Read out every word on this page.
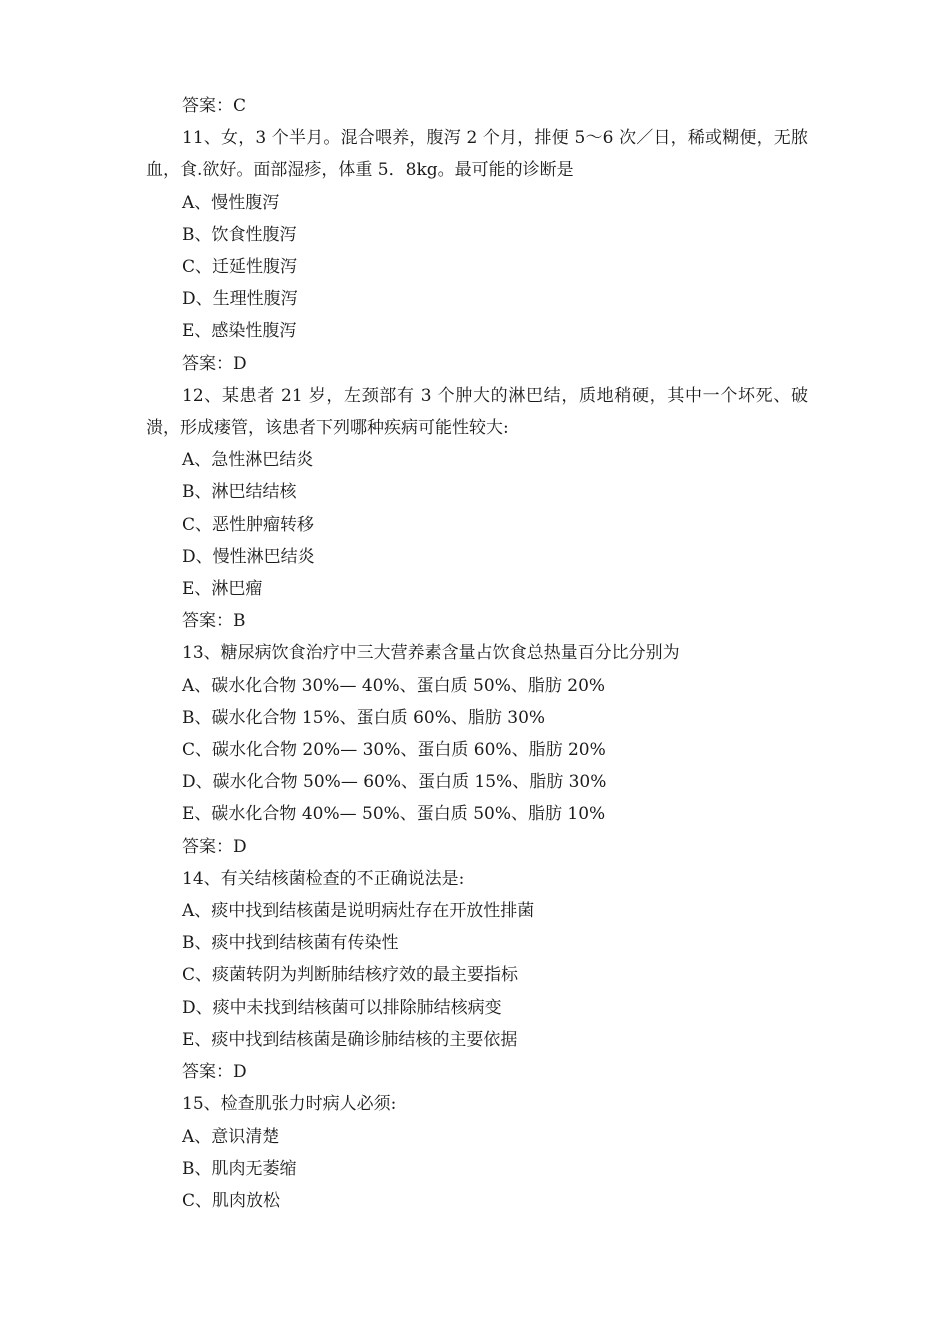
答案：C
11、女，3 个半月。混合喂养，腹泻 2 个月，排便 5～6 次／日，稀或糊便，无脓血，食.欲好。面部湿疹，体重 5．8kg。最可能的诊断是
A、慢性腹泻
B、饮食性腹泻
C、迁延性腹泻
D、生理性腹泻
E、感染性腹泻
答案：D
12、某患者 21 岁，左颈部有 3 个肿大的淋巴结，质地稍硬，其中一个坏死、破溃，形成瘘管，该患者下列哪种疾病可能性较大:
A、急性淋巴结炎
B、淋巴结结核
C、恶性肿瘤转移
D、慢性淋巴结炎
E、淋巴瘤
答案：B
13、糖尿病饮食治疗中三大营养素含量占饮食总热量百分比分别为
A、碳水化合物 30%— 40%、蛋白质 50%、脂肪 20%
B、碳水化合物 15%、蛋白质 60%、脂肪 30%
C、碳水化合物 20%— 30%、蛋白质 60%、脂肪 20%
D、碳水化合物 50%— 60%、蛋白质 15%、脂肪 30%
E、碳水化合物 40%— 50%、蛋白质 50%、脂肪 10%
答案：D
14、有关结核菌检查的不正确说法是:
A、痰中找到结核菌是说明病灶存在开放性排菌
B、痰中找到结核菌有传染性
C、痰菌转阴为判断肺结核疗效的最主要指标
D、痰中未找到结核菌可以排除肺结核病变
E、痰中找到结核菌是确诊肺结核的主要依据
答案：D
15、检查肌张力时病人必须:
A、意识清楚
B、肌肉无萎缩
C、肌肉放松
